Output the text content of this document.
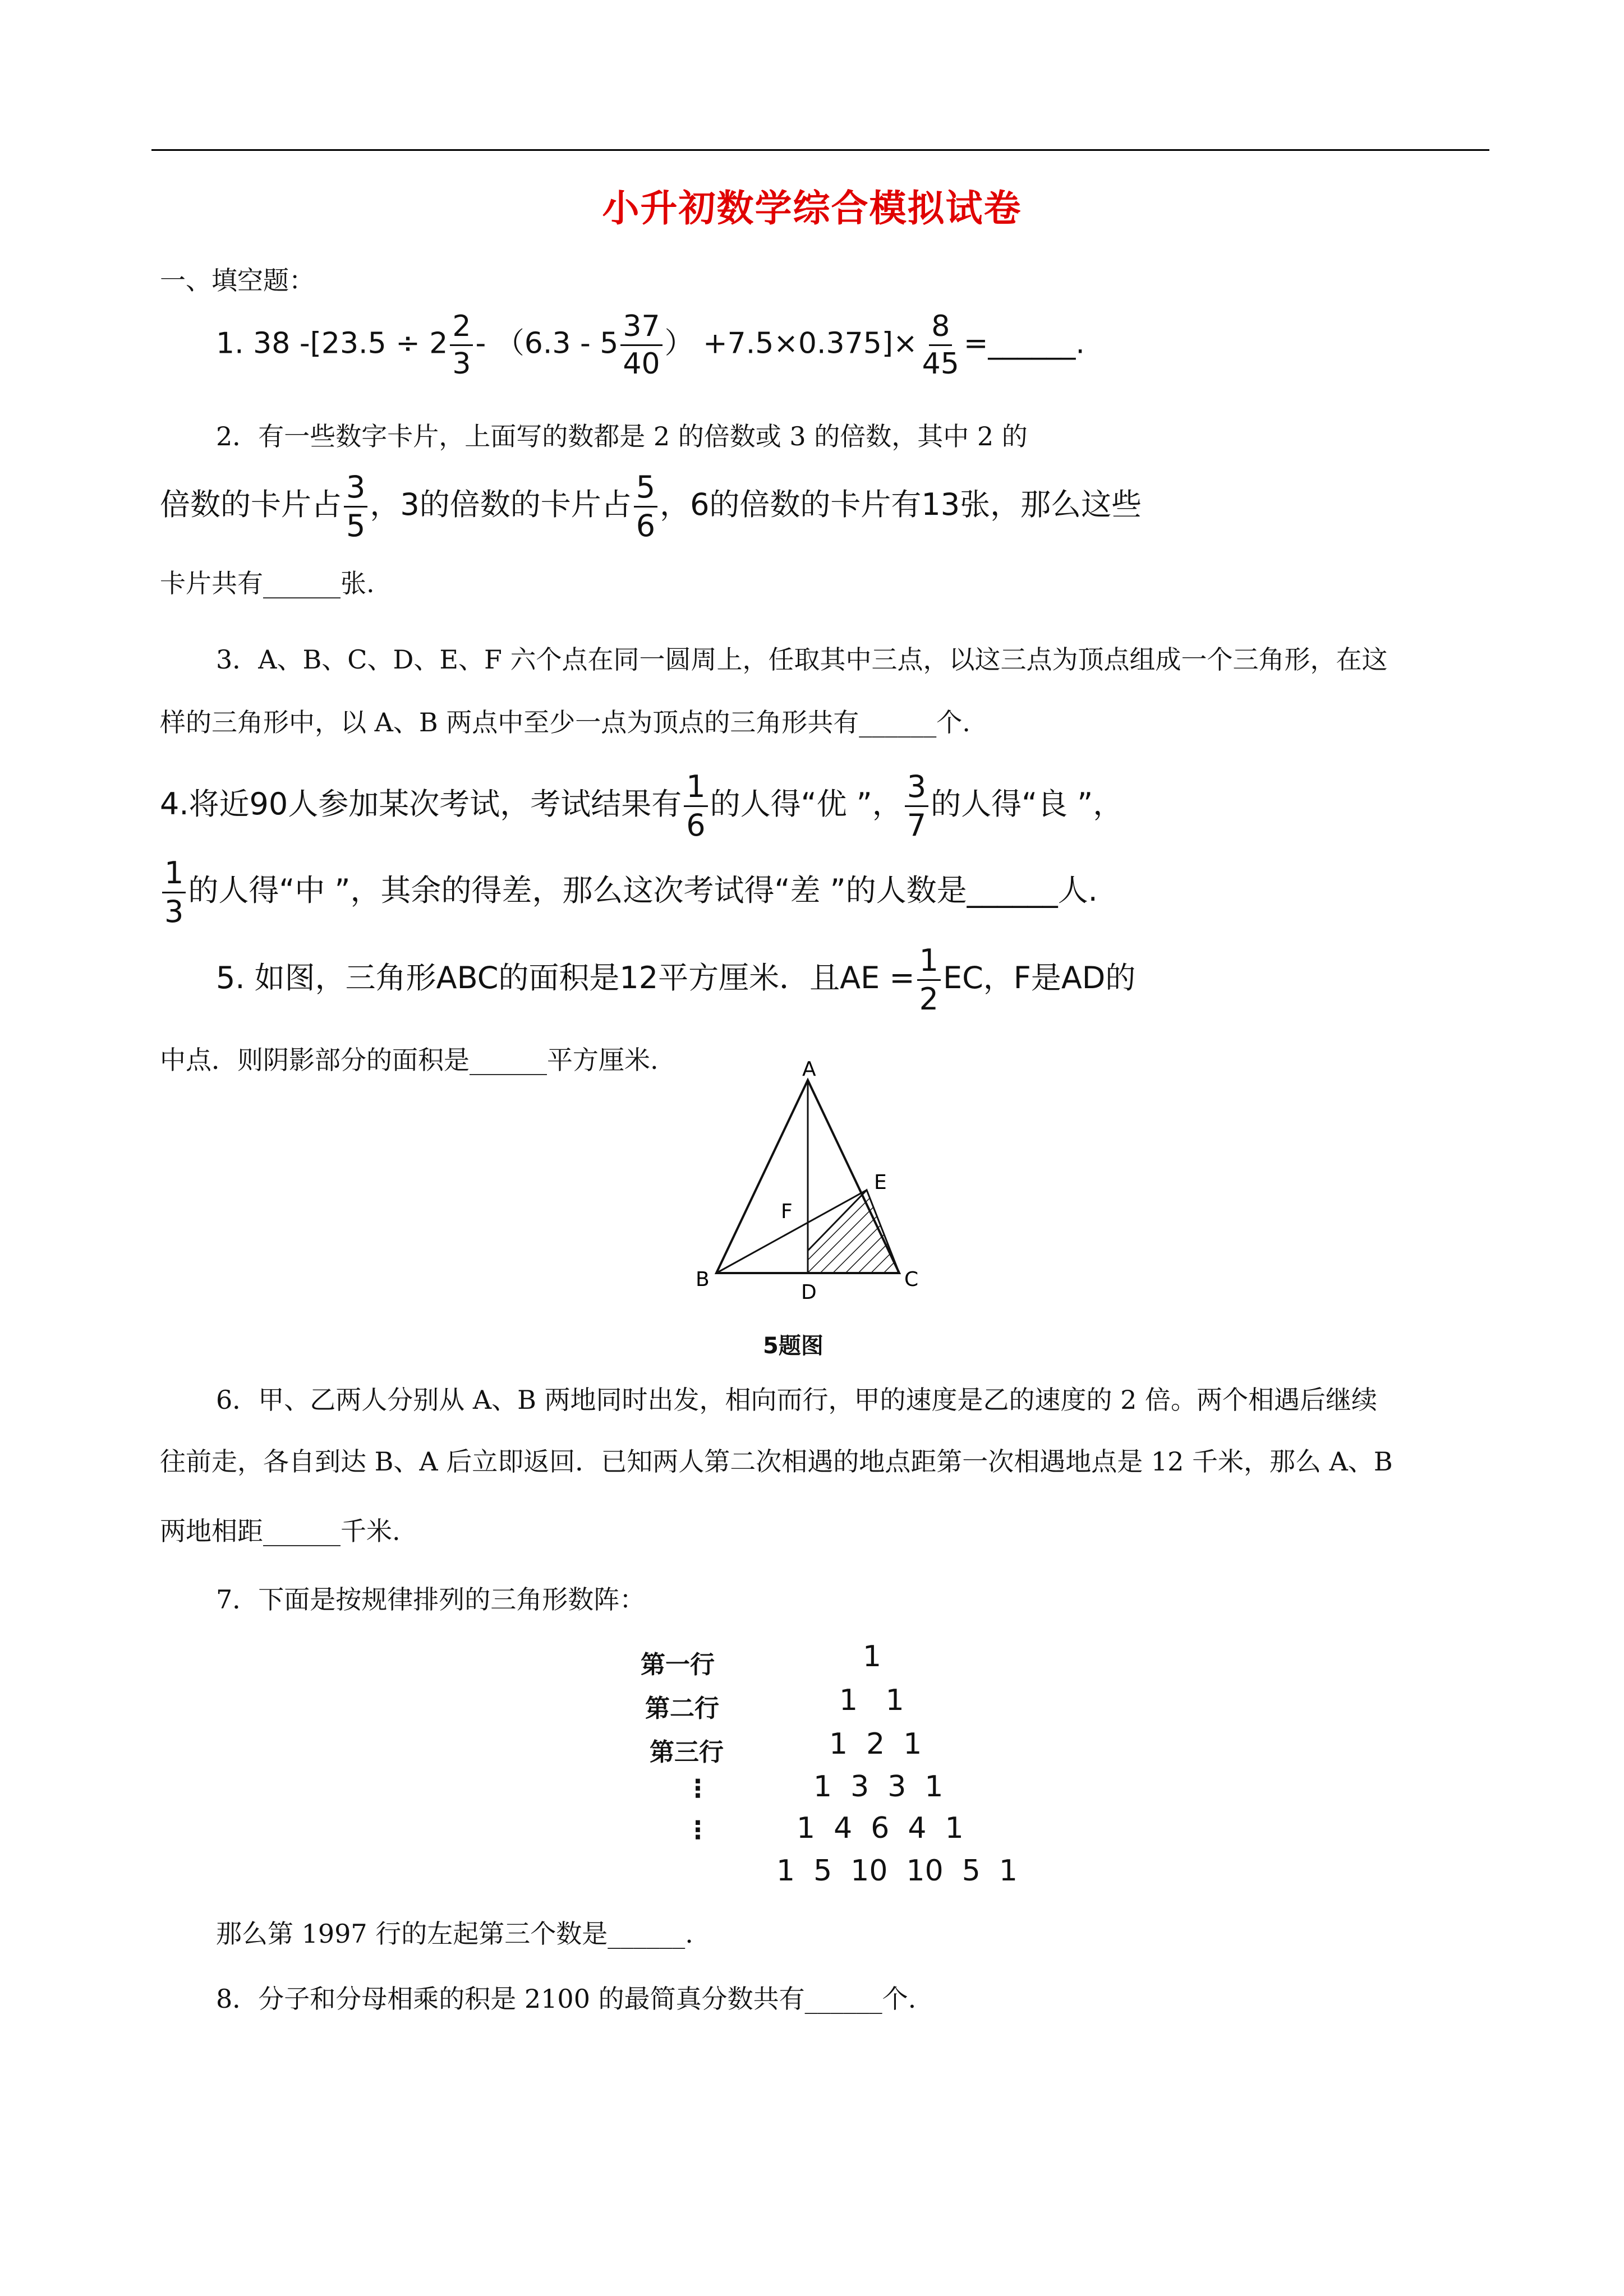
小升初数学综合模拟试卷
一、填空题：
1. 38 $-[23.5 \div 2 \frac{2}{3} - (6.3 - 5 \frac{37}{40}$ ） $+7.5\times 0.375]\times \frac{8}{45}$ =______.
2．有一些数字卡片，上面写的数都是 2 的倍数或 3 的倍数，其中 2 的
倍数的卡片占 $\frac{3}{5}$ ，3的倍数的卡片占 $\frac{5}{6}$ ，6的倍数的卡片有13张，那么这些
卡片共有______张.
3．A、B、C、D、E、F 六个点在同一圆周上，任取其中三点，以这三点为顶点组成一个三角形，在这
样的三角形中，以 A、B 两点中至少一点为顶点的三角形共有______个.
4.将近90人参加某次考试，考试结果有 $\frac{1}{6}$ 的人得“优 ”， $\frac{3}{7}$ 的人得“良 ”，
$\frac{1}{3}$ 的人得“中 ”，其余的得差，那么这次考试得“差 ”的人数是______人.
5. 如图，三角形ABC的面积是12平方厘米．且AE = $\frac{1}{2}$ EC，F是AD的
中点．则阴影部分的面积是______平方厘米.	A
B	C
D
E
F
5题图
6．甲、乙两人分别从 A、B 两地同时出发，相向而行，甲的速度是乙的速度的 2 倍。两个相遇后继续
往前走，各自到达 B、A 后立即返回．已知两人第二次相遇的地点距第一次相遇地点是 12 千米，那么 A、B
两地相距______千米.
7．下面是按规律排列的三角形数阵：
第一行
第二行
第三行
⋮
⋮
1
1   1
1  2  1
1  3  3  1
1  4  6  4  1
1  5  10  10  5  1
那么第 1997 行的左起第三个数是______.
8．分子和分母相乘的积是 2100 的最简真分数共有______个.
